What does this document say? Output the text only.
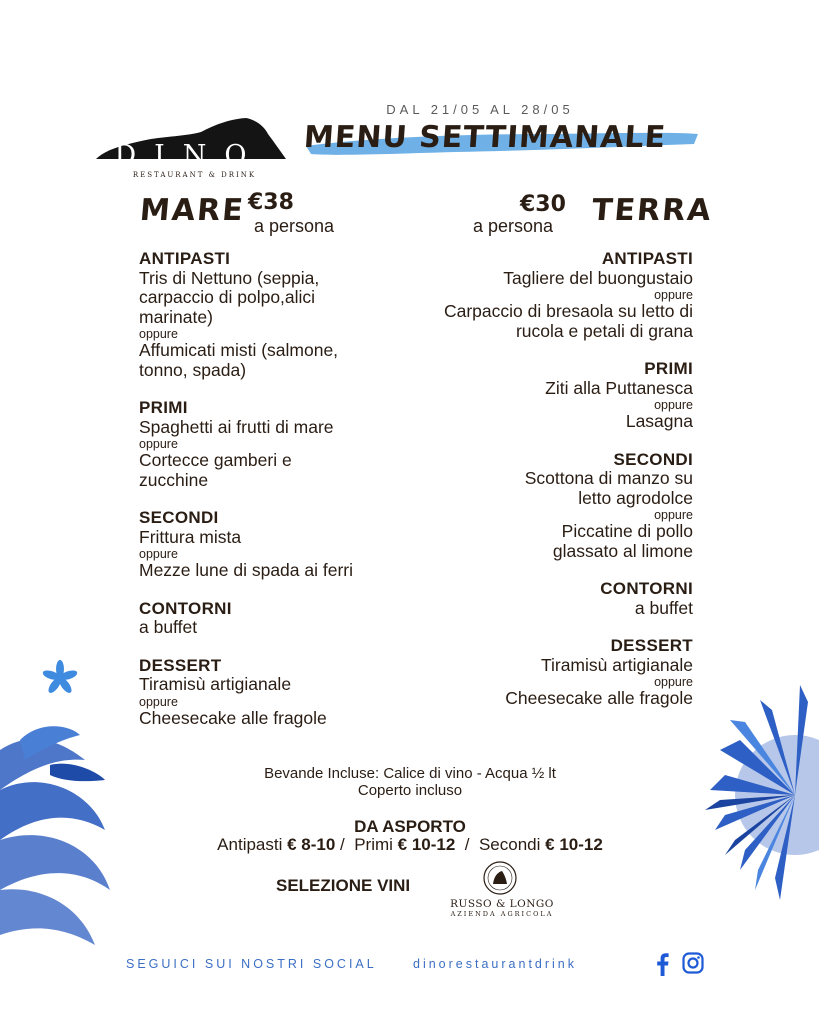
DINO
RESTAURANT & DRINK
DAL 21/05 AL 28/05
MENU SETTIMANALE
MARE €38
a persona
€30
a persona TERRA
ANTIPASTI
Tris di Nettuno (seppia, carpaccio di polpo,alici marinate)
oppure
Affumicati misti (salmone, tonno, spada)
PRIMI
Spaghetti ai frutti di mare
oppure
Cortecce gamberi e zucchine
SECONDI
Frittura mista
oppure
Mezze lune di spada ai ferri
CONTORNI
a buffet
DESSERT
Tiramisù artigianale
oppure
Cheesecake alle fragole
ANTIPASTI
Tagliere del buongustaio
oppure
Carpaccio di bresaola su letto di rucola e petali di grana
PRIMI
Ziti alla Puttanesca
oppure
Lasagna
SECONDI
Scottona di manzo su letto agrodolce
oppure
Piccatine di pollo glassato al limone
CONTORNI
a buffet
DESSERT
Tiramisù artigianale
oppure
Cheesecake alle fragole
Bevande Incluse: Calice di vino - Acqua ½ lt
Coperto incluso
DA ASPORTO
Antipasti € 8-10 /  Primi € 10-12  /  Secondi € 10-12
SELEZIONE VINI
RUSSO & LONGO
AZIENDA AGRICOLA
SEGUICI SUI NOSTRI SOCIAL	dinorestaurantdrink
